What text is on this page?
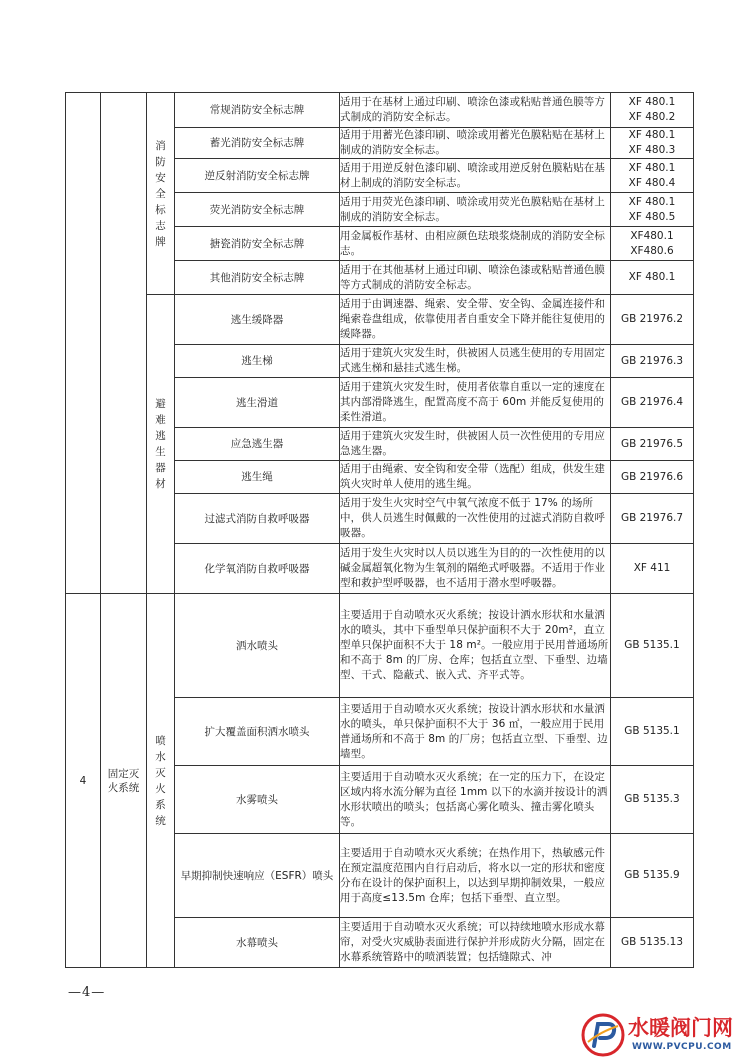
		消防安全标志牌	常规消防安全标志牌	适用于在基材上通过印刷、喷涂色漆或粘贴普通色膜等方式制成的消防安全标志。	XF 480.1
XF 480.2

			蓄光消防安全标志牌	适用于用蓄光色漆印刷、喷涂或用蓄光色膜粘贴在基材上制成的消防安全标志。	XF 480.1
XF 480.3

			逆反射消防安全标志牌	适用于用逆反射色漆印刷、喷涂或用逆反射色膜粘贴在基材上制成的消防安全标志。	XF 480.1
XF 480.4

			荧光消防安全标志牌	适用于用荧光色漆印刷、喷涂或用荧光色膜粘贴在基材上制成的消防安全标志。	XF 480.1
XF 480.5

			搪瓷消防安全标志牌	用金属板作基材、由相应颜色珐琅浆烧制成的消防安全标志。	XF480.1
XF480.6

			其他消防安全标志牌	适用于在其他基材上通过印刷、喷涂色漆或粘贴普通色膜等方式制成的消防安全标志。	XF 480.1

		避难逃生器材	逃生缓降器	适用于由调速器、绳索、安全带、安全钩、金属连接件和绳索卷盘组成，依靠使用者自重安全下降并能往复使用的缓降器。	GB 21976.2

			逃生梯	适用于建筑火灾发生时，供被困人员逃生使用的专用固定式逃生梯和悬挂式逃生梯。	GB 21976.3

			逃生滑道	适用于建筑火灾发生时，使用者依靠自重以一定的速度在其内部滑降逃生，配置高度不高于 60m 并能反复使用的柔性滑道。	GB 21976.4

			应急逃生器	适用于建筑火灾发生时，供被困人员一次性使用的专用应急逃生器。	GB 21976.5

			逃生绳	适用于由绳索、安全钩和安全带（选配）组成，供发生建筑火灾时单人使用的逃生绳。	GB 21976.6

			过滤式消防自救呼吸器	适用于发生火灾时空气中氧气浓度不低于 17% 的场所中，供人员逃生时佩戴的一次性使用的过滤式消防自救呼吸器。	GB 21976.7

			化学氧消防自救呼吸器	适用于发生火灾时以人员以逃生为目的的一次性使用的以碱金属超氧化物为生氧剂的隔绝式呼吸器。不适用于作业型和救护型呼吸器，也不适用于潜水型呼吸器。	XF 411

4	固定灭火系统	喷水灭火系统	洒水喷头	主要适用于自动喷水灭火系统；按设计洒水形状和水量洒水的喷头，其中下垂型单只保护面积不大于 20m²，直立型单只保护面积不大于 18 m²。一般应用于民用普通场所和不高于 8m 的厂房、仓库；包括直立型、下垂型、边墙型、干式、隐蔽式、嵌入式、齐平式等。	GB 5135.1

			扩大覆盖面积洒水喷头	主要适用于自动喷水灭火系统；按设计洒水形状和水量洒水的喷头，单只保护面积不大于 36 ㎡，一般应用于民用普通场所和不高于 8m 的厂房；包括直立型、下垂型、边墙型。	GB 5135.1

			水雾喷头	主要适用于自动喷水灭火系统；在一定的压力下，在设定区域内将水流分解为直径 1mm 以下的水滴并按设计的洒水形状喷出的喷头；包括离心雾化喷头、撞击雾化喷头等。	GB 5135.3

			早期抑制快速响应（ESFR）喷头	主要适用于自动喷水灭火系统；在热作用下，热敏感元件在预定温度范围内自行启动后，将水以一定的形状和密度分布在设计的保护面积上，以达到早期抑制效果，一般应用于高度≤13.5m 仓库；包括下垂型、直立型。	GB 5135.9

			水幕喷头	主要适用于自动喷水灭火系统；可以持续地喷水形成水幕帘，对受火灾威胁表面进行保护并形成防火分隔，固定在水幕系统管路中的喷洒装置；包括缝隙式、冲	GB 5135.13
—4—
水暖阀门网
WWW.PVCPU.COM
